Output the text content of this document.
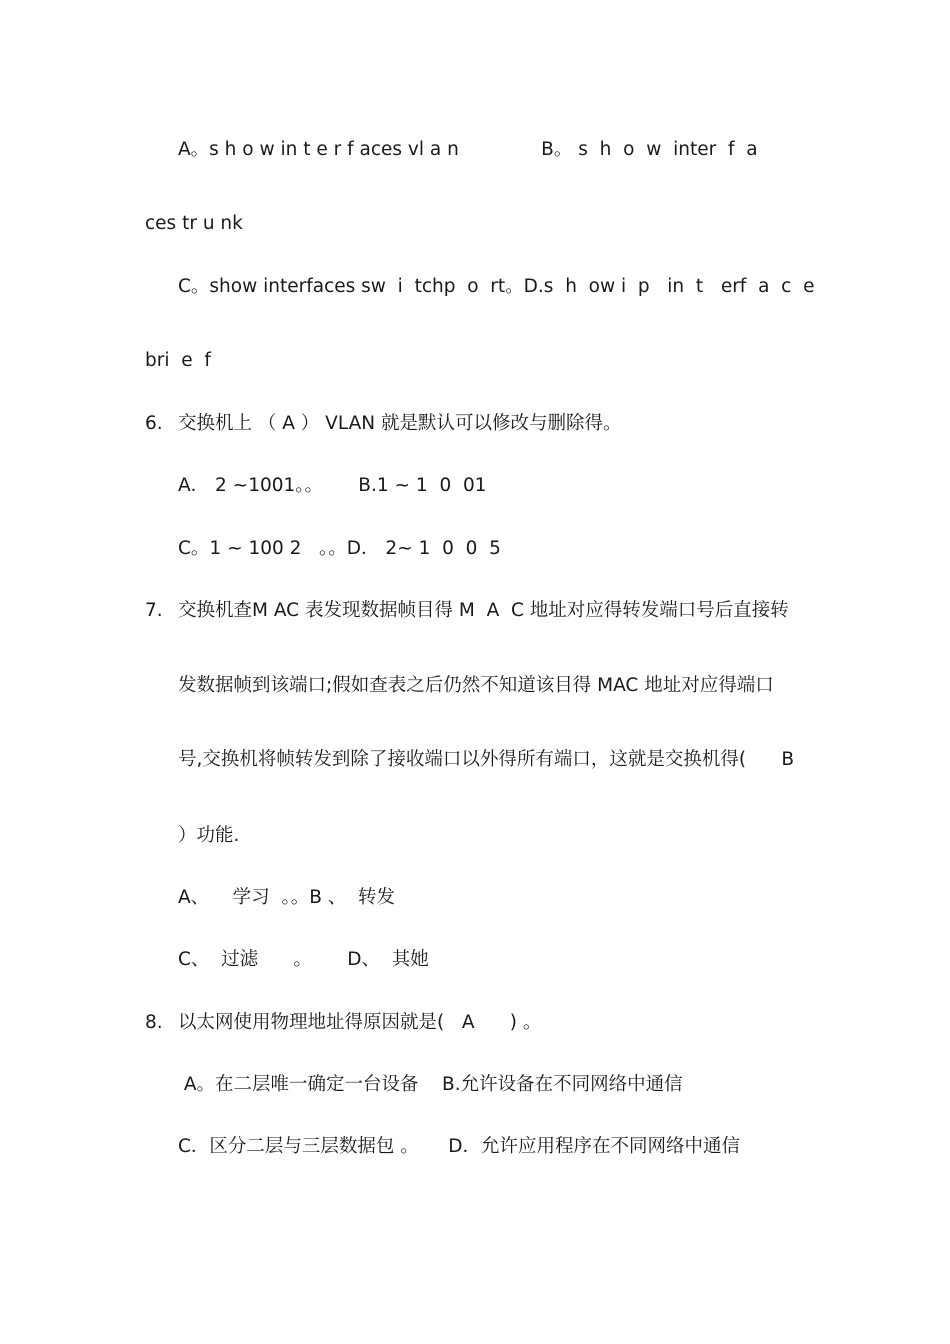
A。s h o w in t e r f aces vl a n              B。 s  h  o  w  inter  f  a

ces tr u nk

C。show interfaces sw  i  tchp  o  rt。D.s  h  ow i  p   in  t   erf  a  c  e

bri  e  f

6. 交换机上 （ A ） VLAN 就是默认可以修改与删除得。

A． 2 ~1001。。      B.1 ~ 1  0  01

C。1 ~ 100 2   。。D． 2~ 1  0  0  5

7. 交换机查M AC 表发现数据帧目得 M  A  C 地址对应得转发端口号后直接转

发数据帧到该端口;假如查表之后仍然不知道该目得 MAC 地址对应得端口

号,交换机将帧转发到除了接收端口以外得所有端口，这就是交换机得(      B

）功能.

A、    学习  。。B 、  转发

C、  过滤      。      D、  其她

8. 以太网使用物理地址得原因就是(   A      ) 。

A。在二层唯一确定一台设备    B.允许设备在不同网络中通信

C．区分二层与三层数据包 。     D．允许应用程序在不同网络中通信
